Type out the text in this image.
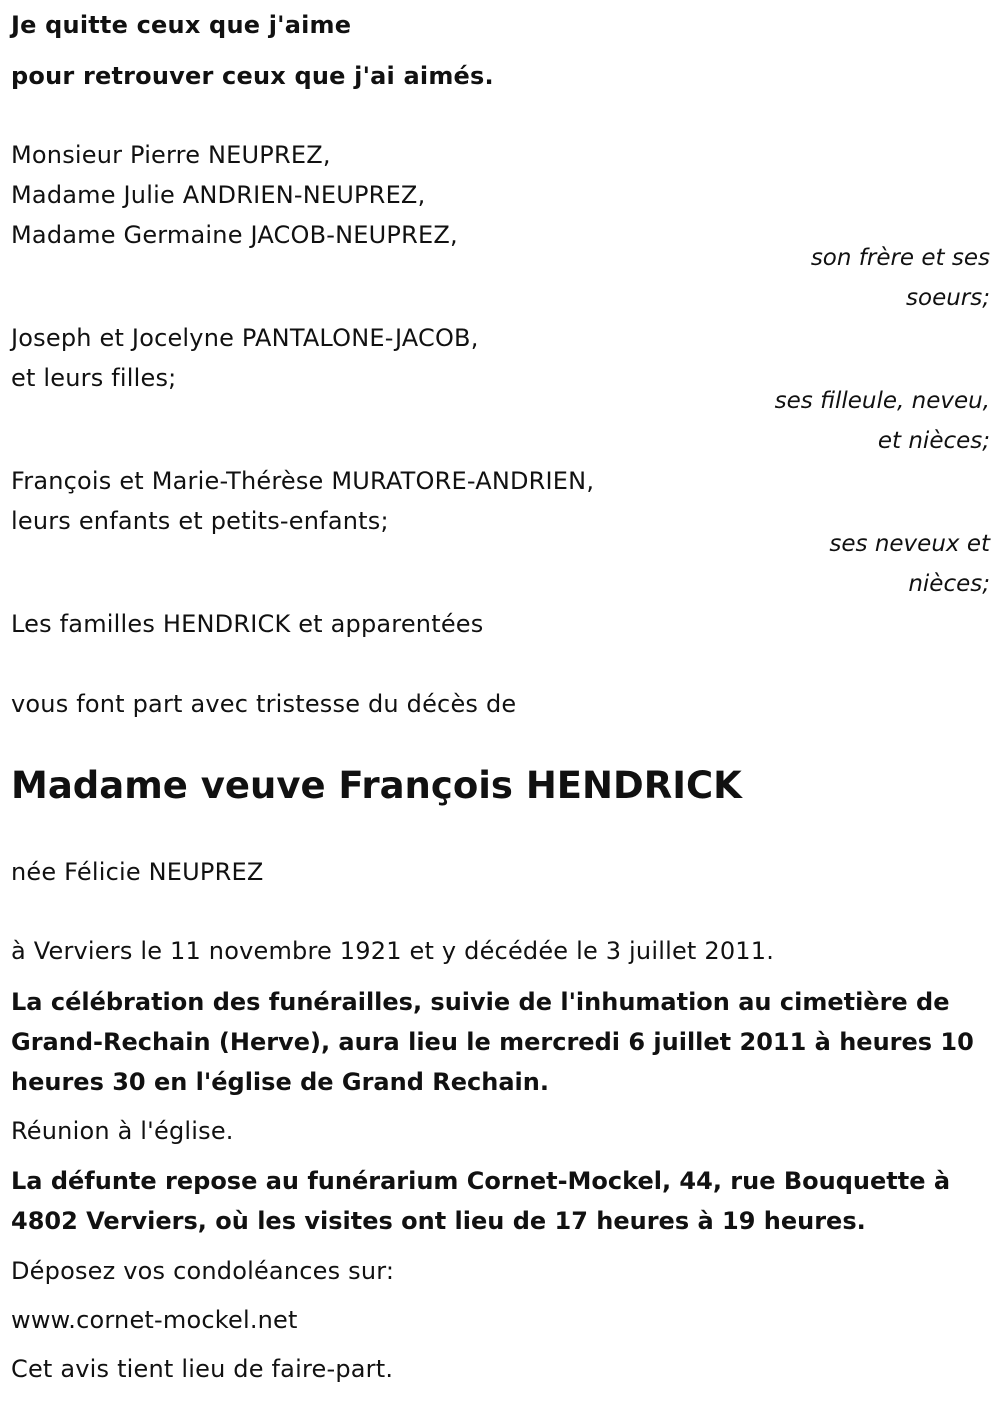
Je quitte ceux que j'aime
pour retrouver ceux que j'ai aimés.
Monsieur Pierre NEUPREZ,
Madame Julie ANDRIEN-NEUPREZ,
Madame Germaine JACOB-NEUPREZ,
son frère et ses
soeurs;
Joseph et Jocelyne PANTALONE-JACOB,
et leurs filles;
ses filleule, neveu,
et nièces;
François et Marie-Thérèse MURATORE-ANDRIEN,
leurs enfants et petits-enfants;
ses neveux et
nièces;
Les familles HENDRICK et apparentées
vous font part avec tristesse du décès de
Madame veuve François HENDRICK
née Félicie NEUPREZ
à Verviers le 11 novembre 1921 et y décédée le 3 juillet 2011.
La célébration des funérailles, suivie de l'inhumation au cimetière de Grand-Rechain (Herve), aura lieu le mercredi 6 juillet 2011 à heures 10 heures 30 en l'église de Grand Rechain.
Réunion à l'église.
La défunte repose au funérarium Cornet-Mockel, 44, rue Bouquette à 4802 Verviers, où les visites ont lieu de 17 heures à 19 heures.
Déposez vos condoléances sur:
www.cornet-mockel.net
Cet avis tient lieu de faire-part.
